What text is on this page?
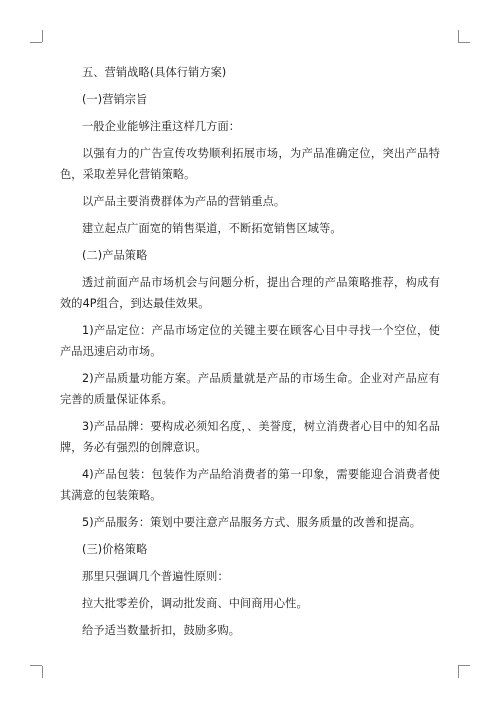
五、营销战略(具体行销方案)

(一)营销宗旨

一般企业能够注重这样几方面：

以强有力的广告宣传攻势顺利拓展市场，为产品准确定位，突出产品特色，采取差异化营销策略。

以产品主要消费群体为产品的营销重点。

建立起点广面宽的销售渠道，不断拓宽销售区域等。

(二)产品策略

透过前面产品市场机会与问题分析，提出合理的产品策略推荐，构成有效的4P组合，到达最佳效果。

1)产品定位：产品市场定位的关键主要在顾客心目中寻找一个空位，使产品迅速启动市场。

2)产品质量功能方案。产品质量就是产品的市场生命。企业对产品应有完善的质量保证体系。

3)产品品牌：要构成必须知名度，、美誉度，树立消费者心目中的知名品牌，务必有强烈的创牌意识。

4)产品包装：包装作为产品给消费者的第一印象，需要能迎合消费者使其满意的包装策略。

5)产品服务：策划中要注意产品服务方式、服务质量的改善和提高。

(三)价格策略

那里只强调几个普遍性原则：

拉大批零差价，调动批发商、中间商用心性。

给予适当数量折扣，鼓励多购。
